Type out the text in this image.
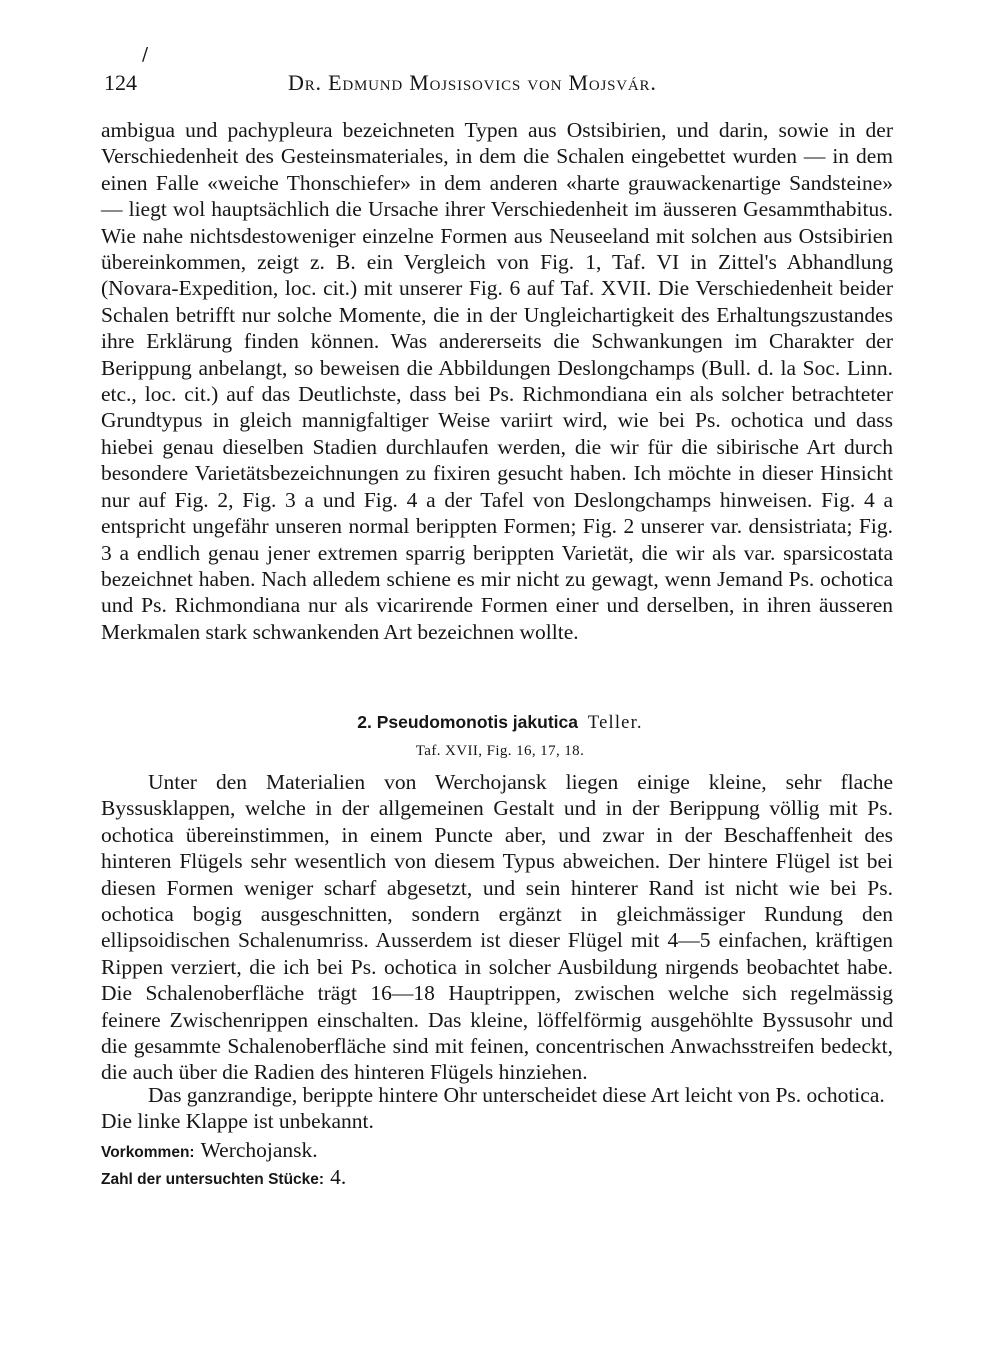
/
124	Dr. Edmund Mojsisovics von Mojsvár.
ambigua und pachypleura bezeichneten Typen aus Ostsibirien, und darin, sowie in der Verschiedenheit des Gesteinsmateriales, in dem die Schalen eingebettet wurden — in dem einen Falle «weiche Thonschiefer» in dem anderen «harte grauwackenartige Sandsteine» — liegt wol hauptsächlich die Ursache ihrer Verschiedenheit im äusseren Gesammthabitus. Wie nahe nichtsdestoweniger einzelne Formen aus Neuseeland mit solchen aus Ostsibirien übereinkommen, zeigt z. B. ein Vergleich von Fig. 1, Taf. VI in Zittel's Abhandlung (Novara-Expedition, loc. cit.) mit unserer Fig. 6 auf Taf. XVII. Die Verschiedenheit beider Schalen betrifft nur solche Momente, die in der Ungleichartigkeit des Erhaltungszustandes ihre Erklärung finden können. Was andererseits die Schwankungen im Charakter der Berippung anbelangt, so beweisen die Abbildungen Deslongchamps (Bull. d. la Soc. Linn. etc., loc. cit.) auf das Deutlichste, dass bei Ps. Richmondiana ein als solcher betrachteter Grundtypus in gleich mannigfaltiger Weise variirt wird, wie bei Ps. ochotica und dass hiebei genau dieselben Stadien durchlaufen werden, die wir für die sibirische Art durch besondere Varietätsbezeichnungen zu fixiren gesucht haben. Ich möchte in dieser Hinsicht nur auf Fig. 2, Fig. 3 a und Fig. 4 a der Tafel von Deslongchamps hinweisen. Fig. 4 a entspricht ungefähr unseren normal berippten Formen; Fig. 2 unserer var. densistriata; Fig. 3 a endlich genau jener extremen sparrig berippten Varietät, die wir als var. sparsicostata bezeichnet haben. Nach alledem schiene es mir nicht zu gewagt, wenn Jemand Ps. ochotica und Ps. Richmondiana nur als vicarirende Formen einer und derselben, in ihren äusseren Merkmalen stark schwankenden Art bezeichnen wollte.
2. Pseudomonotis jakutica Teller.
Taf. XVII, Fig. 16, 17, 18.
Unter den Materialien von Werchojansk liegen einige kleine, sehr flache Byssusklappen, welche in der allgemeinen Gestalt und in der Berippung völlig mit Ps. ochotica übereinstimmen, in einem Puncte aber, und zwar in der Beschaffenheit des hinteren Flügels sehr wesentlich von diesem Typus abweichen. Der hintere Flügel ist bei diesen Formen weniger scharf abgesetzt, und sein hinterer Rand ist nicht wie bei Ps. ochotica bogig ausgeschnitten, sondern ergänzt in gleichmässiger Rundung den ellipsoidischen Schalenumriss. Ausserdem ist dieser Flügel mit 4—5 einfachen, kräftigen Rippen verziert, die ich bei Ps. ochotica in solcher Ausbildung nirgends beobachtet habe. Die Schalenoberfläche trägt 16—18 Hauptrippen, zwischen welche sich regelmässig feinere Zwischenrippen einschalten. Das kleine, löffelförmig ausgehöhlte Byssusohr und die gesammte Schalenoberfläche sind mit feinen, concentrischen Anwachsstreifen bedeckt, die auch über die Radien des hinteren Flügels hinziehen.
Das ganzrandige, berippte hintere Ohr unterscheidet diese Art leicht von Ps. ochotica. Die linke Klappe ist unbekannt.
Vorkommen: Werchojansk.
Zahl der untersuchten Stücke: 4.
